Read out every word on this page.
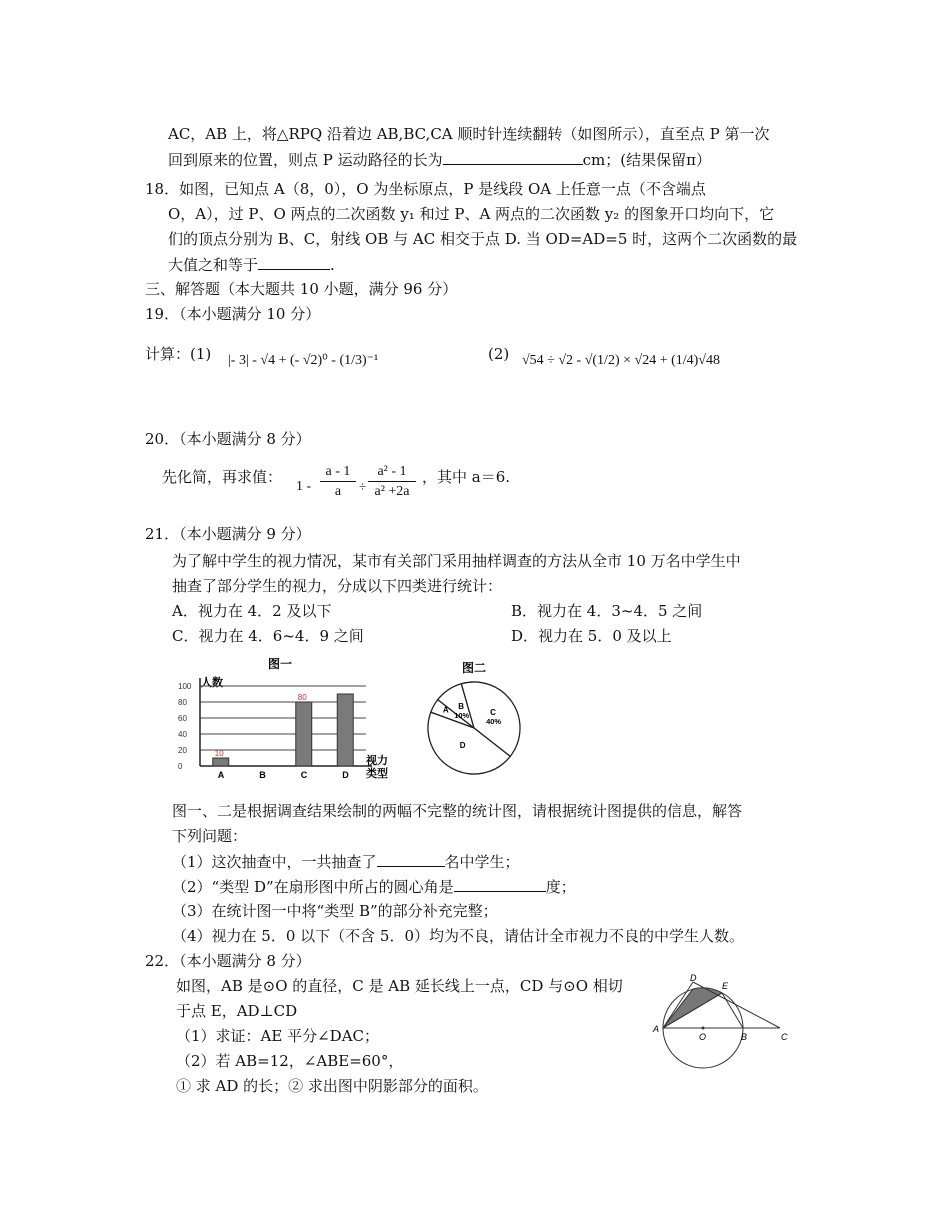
AC，AB 上，将△RPQ 沿着边 AB,BC,CA 顺时针连续翻转（如图所示），直至点 P 第一次
回到原来的位置，则点 P 运动路径的长为	cm；(结果保留π）
18．如图，已知点 A（8，0），O 为坐标原点，P 是线段 OA 上任意一点（不含端点
O，A），过 P、O 两点的二次函数 y₁ 和过 P、A 两点的二次函数 y₂ 的图象开口均向下，它
们的顶点分别为 B、C，射线 OB 与 AC 相交于点 D. 当 OD=AD=5 时，这两个二次函数的最
大值之和等于	.
三、解答题（本大题共 10 小题，满分 96 分）
19．（本小题满分 10 分）
计算：(1) |- 3| - √4 + (- √2)⁰ - (1/3)⁻¹	(2) √54 ÷ √2 - √(1/2) × √24 + (1/4)√48
20．（本小题满分 8 分）
先化简，再求值：
1 -
a - 1
a	÷
a² - 1
a² +2a
，其中 a＝6.
21．（本小题满分 9 分）
为了解中学生的视力情况，某市有关部门采用抽样调查的方法从全市 10 万名中学生中
抽查了部分学生的视力，分成以下四类进行统计：
A．视力在 4．2 及以下	B．视力在 4．3~4．5 之间
C．视力在 4．6~4．9 之间	D．视力在 5．0 及以上
图一
人数
0
20
40
60
80
100
A	B	C	D
10
80
视力
类型
图二
A B
10%	C
40%
D
图一、二是根据调查结果绘制的两幅不完整的统计图，请根据统计图提供的信息，解答
下列问题：
（1）这次抽查中，一共抽查了	名中学生；
（2）“类型 D”在扇形图中所占的圆心角是	度；
（3）在统计图一中将“类型 B”的部分补充完整；
（4）视力在 5．0 以下（不含 5．0）均为不良，请估计全市视力不良的中学生人数。
22．（本小题满分 8 分）
如图，AB 是⊙O 的直径，C 是 AB 延长线上一点，CD 与⊙O 相切
于点 E，AD⊥CD
（1）求证：AE 平分∠DAC；
（2）若 AB=12，∠ABE=60°，
① 求 AD 的长；② 求出图中阴影部分的面积。
D
E
A
O	B	C
